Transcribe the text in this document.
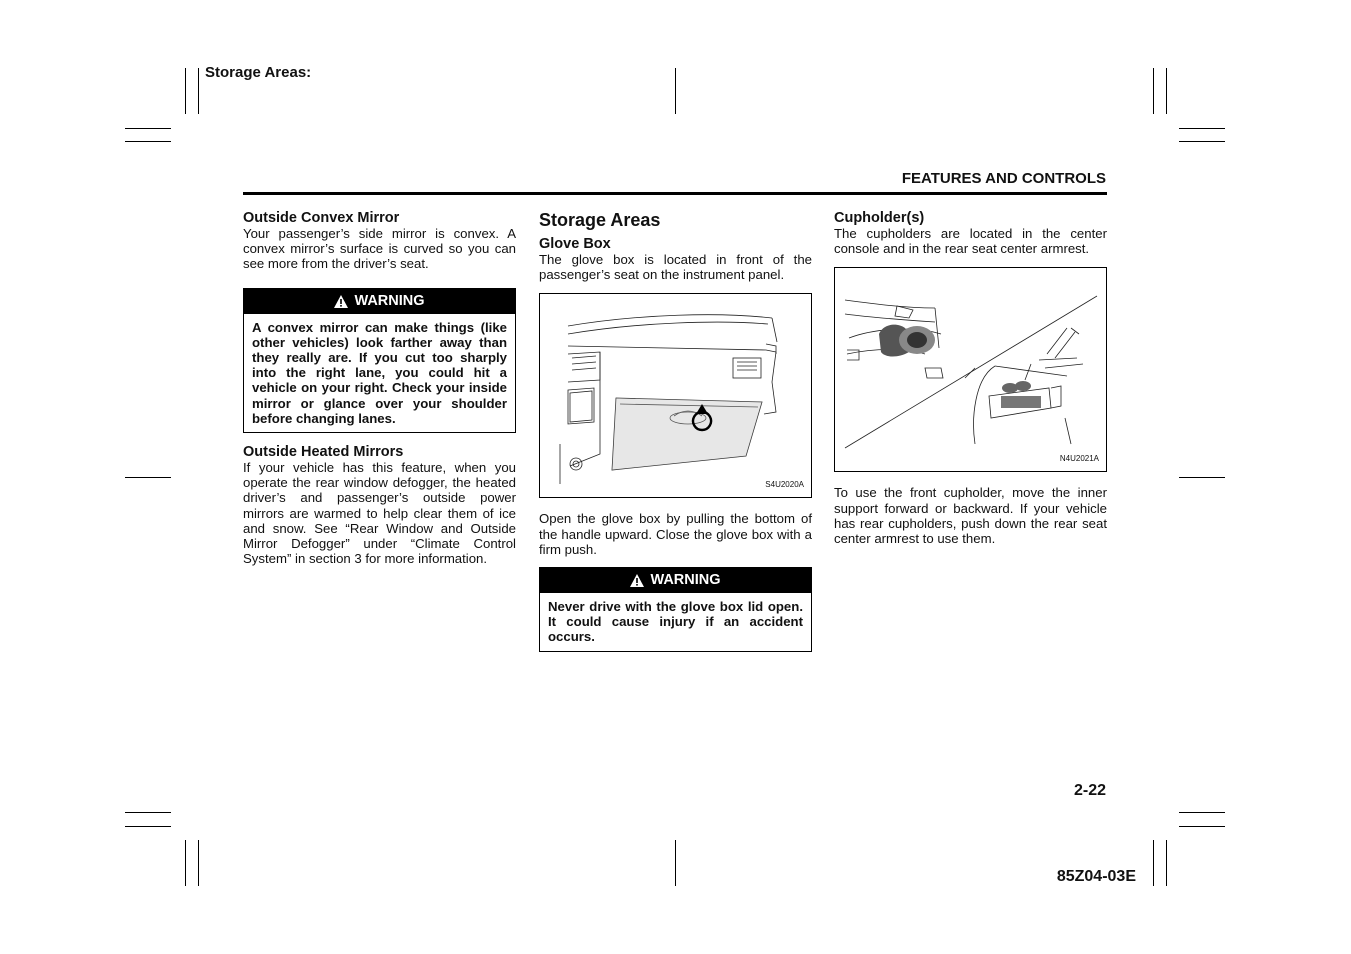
Storage Areas:
FEATURES AND CONTROLS
Outside Convex Mirror

Your passenger’s side mirror is convex. A convex mirror’s surface is curved so you can see more from the driver’s seat.

WARNING
A convex mirror can make things (like other vehicles) look farther away than they really are. If you cut too sharply into the right lane, you could hit a vehicle on your right. Check your inside mirror or glance over your shoulder before changing lanes.
Outside Heated Mirrors

If your vehicle has this feature, when you operate the rear window defogger, the heated driver’s and passenger’s outside power mirrors are warmed to help clear them of ice and snow. See “Rear Window and Outside Mirror Defogger” under “Climate Control System” in section 3 for more information.

Storage Areas
Glove Box

The glove box is located in front of the passenger’s seat on the instrument panel.

S4U2020A

Open the glove box by pulling the bottom of the handle upward. Close the glove box with a firm push.

WARNING
Never drive with the glove box lid open. It could cause injury if an accident occurs.
Cupholder(s)

The cupholders are located in the center console and in the rear seat center armrest.

N4U2021A

To use the front cupholder, move the inner support forward or backward. If your vehicle has rear cupholders, push down the rear seat center armrest to use them.

2-22
85Z04-03E
